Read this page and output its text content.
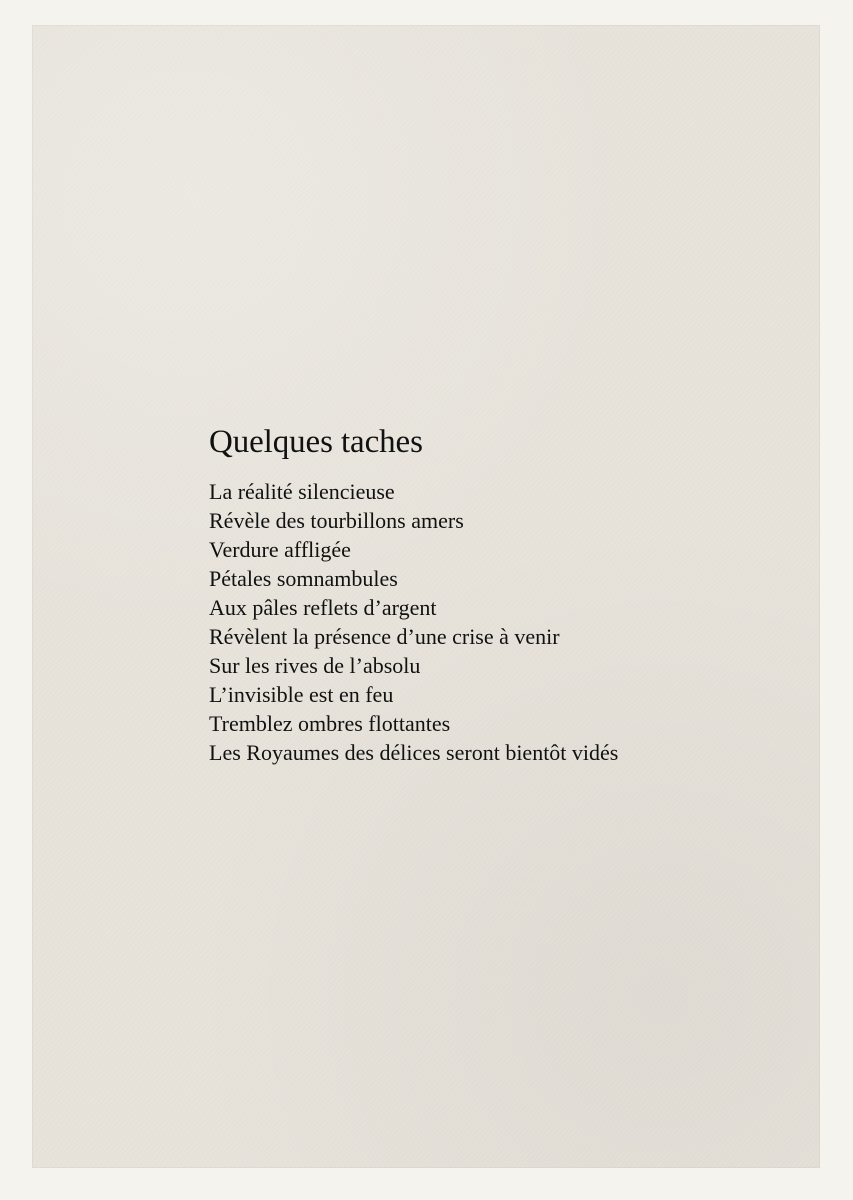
Quelques taches
La réalité silencieuse
Révèle des tourbillons amers
Verdure affligée
Pétales somnambules
Aux pâles reflets d’argent
Révèlent la présence d’une crise à venir
Sur les rives de l’absolu
L’invisible est en feu
Tremblez ombres flottantes
Les Royaumes des délices seront bientôt vidés
